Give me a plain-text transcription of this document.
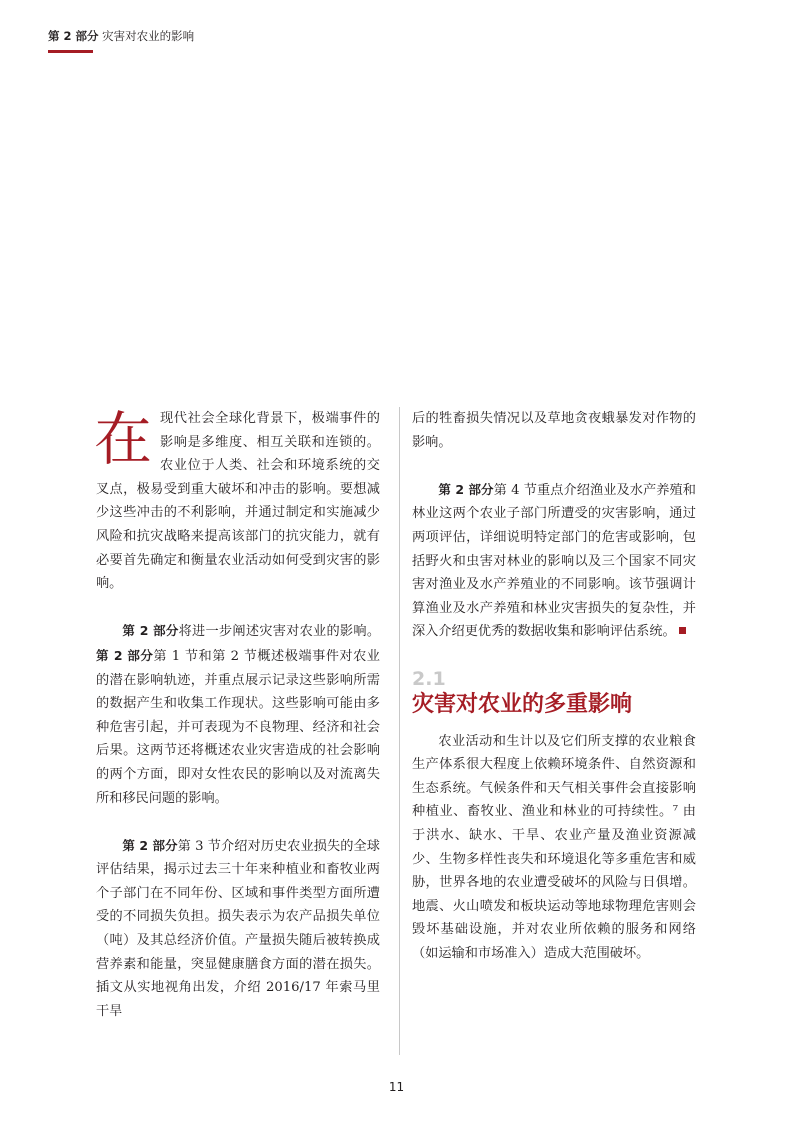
第 2 部分 灾害对农业的影响

在现代社会全球化背景下，极端事件的影响是多维度、相互关联和连锁的。农业位于人类、社会和环境系统的交叉点，极易受到重大破坏和冲击的影响。要想减少这些冲击的不利影响，并通过制定和实施减少风险和抗灾战略来提高该部门的抗灾能力，就有必要首先确定和衡量农业活动如何受到灾害的影响。

第 2 部分将进一步阐述灾害对农业的影响。第 2 部分第 1 节和第 2 节概述极端事件对农业的潜在影响轨迹，并重点展示记录这些影响所需的数据产生和收集工作现状。这些影响可能由多种危害引起，并可表现为不良物理、经济和社会后果。这两节还将概述农业灾害造成的社会影响的两个方面，即对女性农民的影响以及对流离失所和移民问题的影响。

第 2 部分第 3 节介绍对历史农业损失的全球评估结果，揭示过去三十年来种植业和畜牧业两个子部门在不同年份、区域和事件类型方面所遭受的不同损失负担。损失表示为农产品损失单位（吨）及其总经济价值。产量损失随后被转换成营养素和能量，突显健康膳食方面的潜在损失。插文从实地视角出发，介绍 2016/17 年索马里干旱

后的牲畜损失情况以及草地贪夜蛾暴发对作物的影响。

第 2 部分第 4 节重点介绍渔业及水产养殖和林业这两个农业子部门所遭受的灾害影响，通过两项评估，详细说明特定部门的危害或影响，包括野火和虫害对林业的影响以及三个国家不同灾害对渔业及水产养殖业的不同影响。该节强调计算渔业及水产养殖和林业灾害损失的复杂性，并深入介绍更优秀的数据收集和影响评估系统。

2.1
灾害对农业的多重影响

农业活动和生计以及它们所支撑的农业粮食生产体系很大程度上依赖环境条件、自然资源和生态系统。气候条件和天气相关事件会直接影响种植业、畜牧业、渔业和林业的可持续性。⁷ 由于洪水、缺水、干旱、农业产量及渔业资源减少、生物多样性丧失和环境退化等多重危害和威胁，世界各地的农业遭受破坏的风险与日俱增。地震、火山喷发和板块运动等地球物理危害则会毁坏基础设施，并对农业所依赖的服务和网络（如运输和市场准入）造成大范围破坏。

11
